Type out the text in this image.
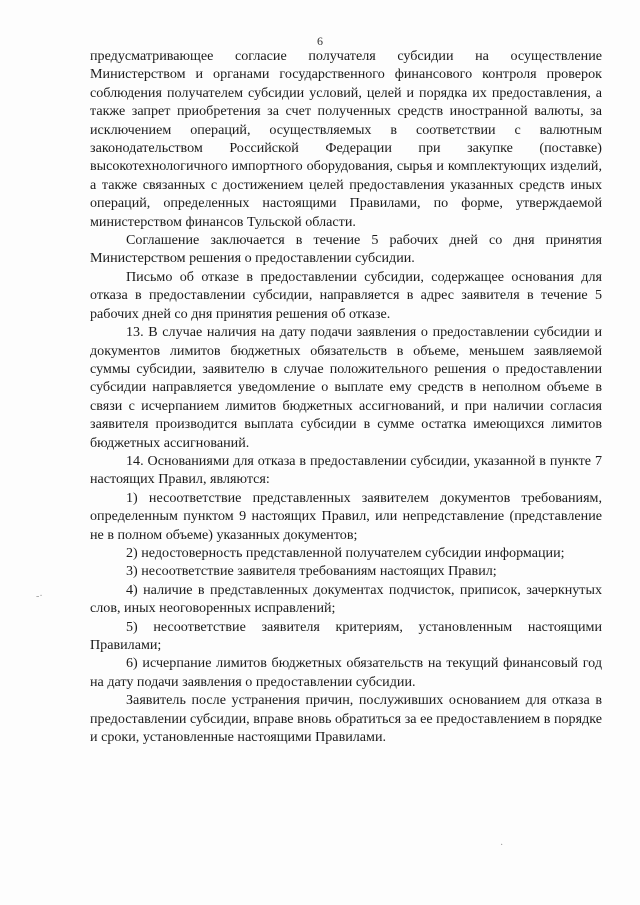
6

предусматривающее согласие получателя субсидии на осуществление Министерством и органами государственного финансового контроля проверок соблюдения получателем субсидии условий, целей и порядка их предоставления, а также запрет приобретения за счет полученных средств иностранной валюты, за исключением операций, осуществляемых в соответствии с валютным законодательством Российской Федерации при закупке (поставке) высокотехнологичного импортного оборудования, сырья и комплектующих изделий, а также связанных с достижением целей предоставления указанных средств иных операций, определенных настоящими Правилами, по форме, утверждаемой министерством финансов Тульской области.

Соглашение заключается в течение 5 рабочих дней со дня принятия Министерством решения о предоставлении субсидии.

Письмо об отказе в предоставлении субсидии, содержащее основания для отказа в предоставлении субсидии, направляется в адрес заявителя в течение 5 рабочих дней со дня принятия решения об отказе.

13. В случае наличия на дату подачи заявления о предоставлении субсидии и документов лимитов бюджетных обязательств в объеме, меньшем заявляемой суммы субсидии, заявителю в случае положительного решения о предоставлении субсидии направляется уведомление о выплате ему средств в неполном объеме в связи с исчерпанием лимитов бюджетных ассигнований, и при наличии согласия заявителя производится выплата субсидии в сумме остатка имеющихся лимитов бюджетных ассигнований.

14. Основаниями для отказа в предоставлении субсидии, указанной в пункте 7 настоящих Правил, являются:

1) несоответствие представленных заявителем документов требованиям, определенным пунктом 9 настоящих Правил, или непредставление (представление не в полном объеме) указанных документов;

2) недостоверность представленной получателем субсидии информации;

3) несоответствие заявителя требованиям настоящих Правил;

4) наличие в представленных документах подчисток, приписок, зачеркнутых слов, иных неоговоренных исправлений;

5) несоответствие заявителя критериям, установленным настоящими Правилами;

6) исчерпание лимитов бюджетных обязательств на текущий финансовый год на дату подачи заявления о предоставлении субсидии.

Заявитель после устранения причин, послуживших основанием для отказа в предоставлении субсидии, вправе вновь обратиться за ее предоставлением в порядке и сроки, установленные настоящими Правилами.

-·
·
